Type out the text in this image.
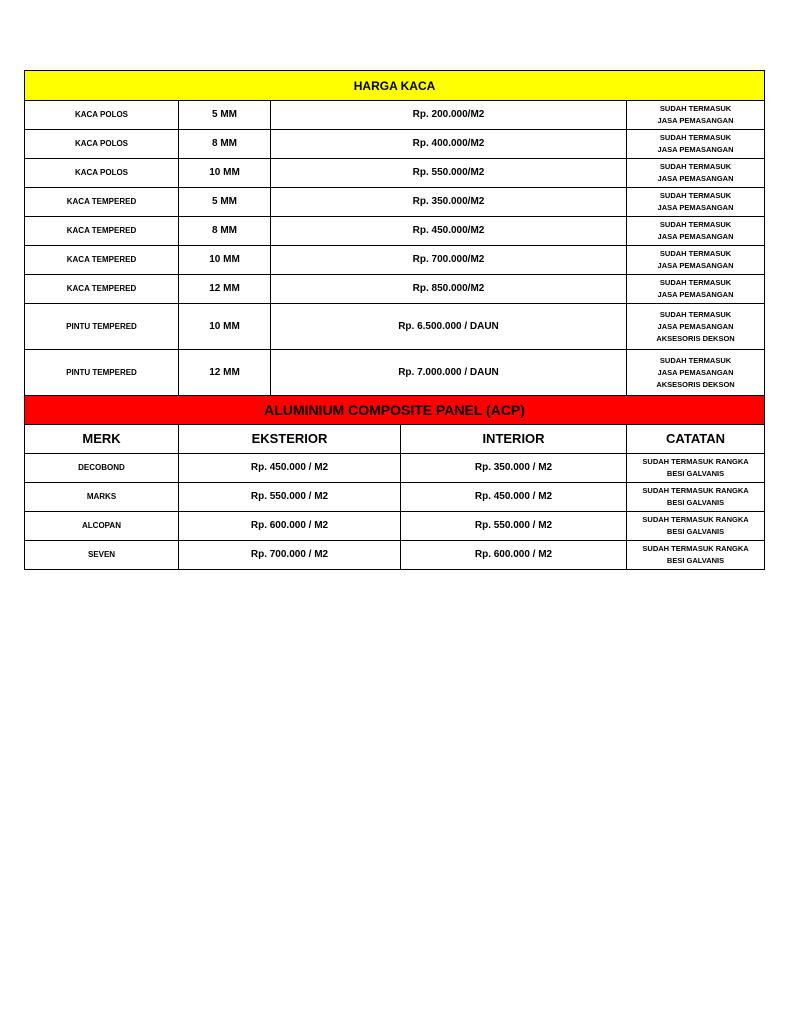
HARGA KACA				
KACA POLOS	5 MM	Rp. 200.000/M2		SUDAH TERMASUK
JASA PEMASANGAN

KACA POLOS	8 MM	Rp. 400.000/M2		SUDAH TERMASUK
JASA PEMASANGAN

KACA POLOS	10 MM	Rp. 550.000/M2		SUDAH TERMASUK
JASA PEMASANGAN

KACA TEMPERED	5 MM	Rp. 350.000/M2		SUDAH TERMASUK
JASA PEMASANGAN

KACA TEMPERED	8 MM	Rp. 450.000/M2		SUDAH TERMASUK
JASA PEMASANGAN

KACA TEMPERED	10 MM	Rp. 700.000/M2		SUDAH TERMASUK
JASA PEMASANGAN

KACA TEMPERED	12 MM	Rp. 850.000/M2		SUDAH TERMASUK
JASA PEMASANGAN

PINTU TEMPERED	10 MM	Rp. 6.500.000 / DAUN		SUDAH TERMASUK
JASA PEMASANGAN
AKSESORIS DEKSON

PINTU TEMPERED	12 MM	Rp. 7.000.000 / DAUN		SUDAH TERMASUK
JASA PEMASANGAN
AKSESORIS DEKSON

ALUMINIUM COMPOSITE PANEL (ACP)				
MERK	EKSTERIOR		INTERIOR	CATATAN
DECOBOND	Rp. 450.000 / M2		Rp. 350.000 / M2	SUDAH TERMASUK RANGKA
BESI GALVANIS

MARKS	Rp. 550.000 / M2		Rp. 450.000 / M2	SUDAH TERMASUK RANGKA
BESI GALVANIS

ALCOPAN	Rp. 600.000 / M2		Rp. 550.000 / M2	SUDAH TERMASUK RANGKA
BESI GALVANIS

SEVEN	Rp. 700.000 / M2		Rp. 600.000 / M2	SUDAH TERMASUK RANGKA
BESI GALVANIS
